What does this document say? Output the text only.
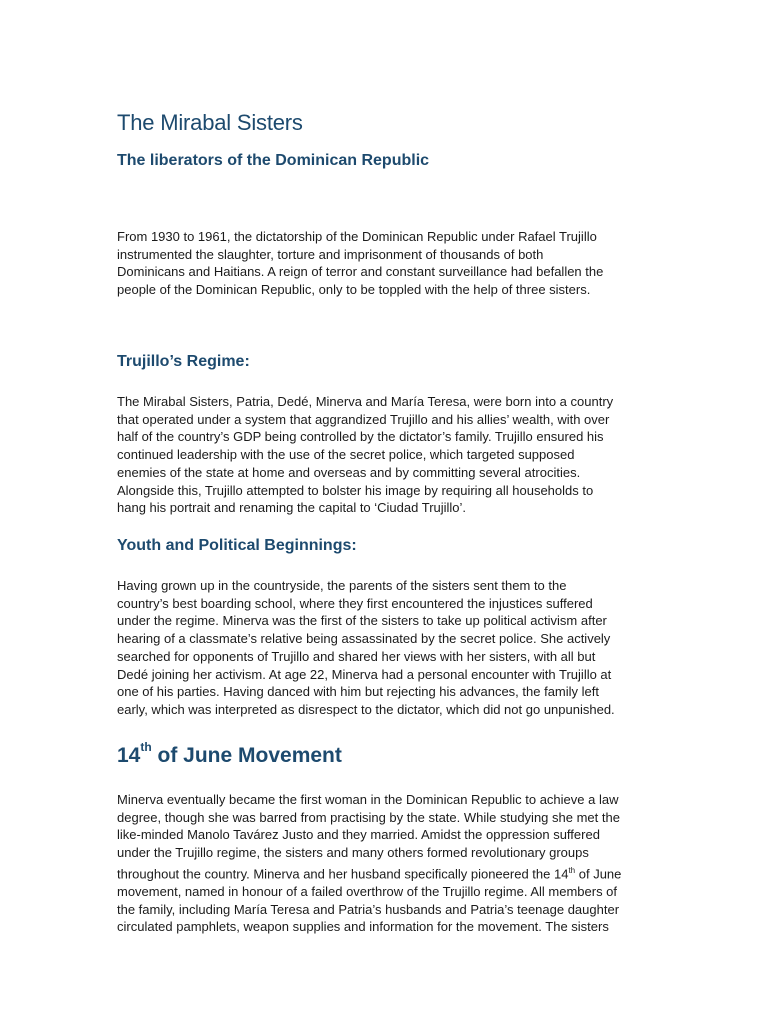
The Mirabal Sisters
The liberators of the Dominican Republic

From 1930 to 1961, the dictatorship of the Dominican Republic under Rafael Trujillo

instrumented the slaughter, torture and imprisonment of thousands of both

Dominicans and Haitians. A reign of terror and constant surveillance had befallen the

people of the Dominican Republic, only to be toppled with the help of three sisters.

Trujillo’s Regime:

The Mirabal Sisters, Patria, Dedé, Minerva and María Teresa, were born into a country

that operated under a system that aggrandized Trujillo and his allies’ wealth, with over

half of the country’s GDP being controlled by the dictator’s family. Trujillo ensured his

continued leadership with the use of the secret police, which targeted supposed

enemies of the state at home and overseas and by committing several atrocities.

Alongside this, Trujillo attempted to bolster his image by requiring all households to

hang his portrait and renaming the capital to ‘Ciudad Trujillo’.

Youth and Political Beginnings:

Having grown up in the countryside, the parents of the sisters sent them to the

country’s best boarding school, where they first encountered the injustices suffered

under the regime. Minerva was the first of the sisters to take up political activism after

hearing of a classmate’s relative being assassinated by the secret police. She actively

searched for opponents of Trujillo and shared her views with her sisters, with all but

Dedé joining her activism. At age 22, Minerva had a personal encounter with Trujillo at

one of his parties. Having danced with him but rejecting his advances, the family left

early, which was interpreted as disrespect to the dictator, which did not go unpunished.

14th of June Movement

Minerva eventually became the first woman in the Dominican Republic to achieve a law

degree, though she was barred from practising by the state. While studying she met the

like-minded Manolo Tavárez Justo and they married. Amidst the oppression suffered

under the Trujillo regime, the sisters and many others formed revolutionary groups

throughout the country. Minerva and her husband specifically pioneered the 14th of June

movement, named in honour of a failed overthrow of the Trujillo regime. All members of

the family, including María Teresa and Patria’s husbands and Patria’s teenage daughter

circulated pamphlets, weapon supplies and information for the movement. The sisters
